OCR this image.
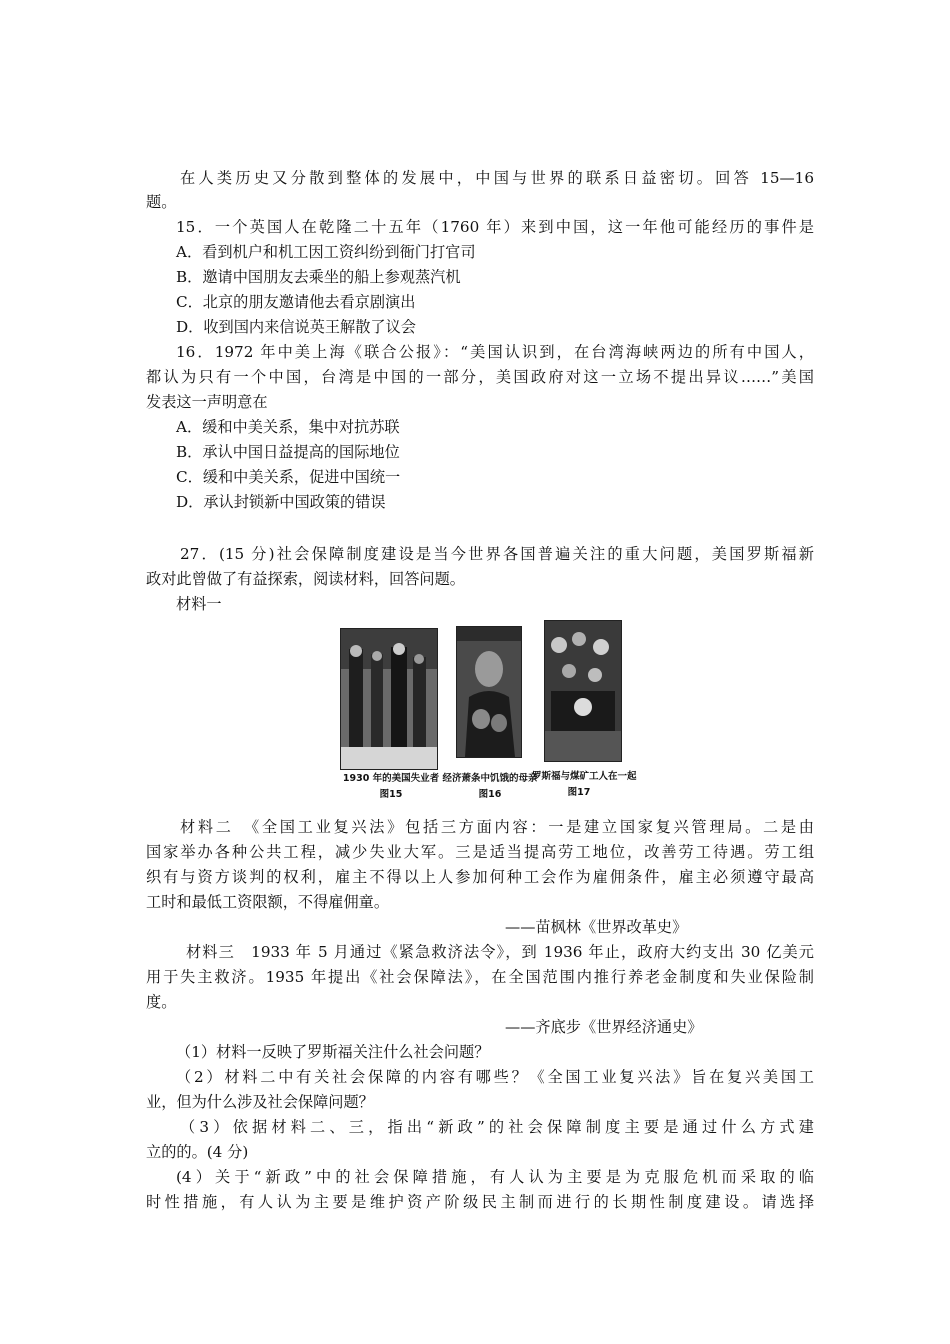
在人类历史又分散到整体的发展中，中国与世界的联系日益密切。回答 15—16
题。
15．一个英国人在乾隆二十五年（1760 年）来到中国，这一年他可能经历的事件是
A．看到机户和机工因工资纠纷到衙门打官司
B．邀请中国朋友去乘坐的船上参观蒸汽机
C．北京的朋友邀请他去看京剧演出
D．收到国内来信说英王解散了议会
16．1972 年中美上海《联合公报》：“美国认识到，在台湾海峡两边的所有中国人，
都认为只有一个中国，台湾是中国的一部分，美国政府对这一立场不提出异议……”美国
发表这一声明意在
A．缓和中美关系，集中对抗苏联
B．承认中国日益提高的国际地位
C．缓和中美关系，促进中国统一
D．承认封锁新中国政策的错误
27．(15 分)社会保障制度建设是当今世界各国普遍关注的重大问题，美国罗斯福新
政对此曾做了有益探索，阅读材料，回答问题。
材料一
1930 年的美国失业者
图15
经济萧条中饥饿的母亲
图16
罗斯福与煤矿工人在一起
图17
材料二　《全国工业复兴法》包括三方面内容：一是建立国家复兴管理局。二是由
国家举办各种公共工程，减少失业大军。三是适当提高劳工地位，改善劳工待遇。劳工组
织有与资方谈判的权利，雇主不得以上人参加何种工会作为雇佣条件，雇主必须遵守最高
工时和最低工资限额，不得雇佣童。
——苗枫林《世界改革史》
材料三　1933 年 5 月通过《紧急救济法令》，到 1936 年止，政府大约支出 30 亿美元
用于失主救济。1935 年提出《社会保障法》，在全国范围内推行养老金制度和失业保险制
度。
——齐底步《世界经济通史》
（1）材料一反映了罗斯福关注什么社会问题？
（2）材料二中有关社会保障的内容有哪些？《全国工业复兴法》旨在复兴美国工
业，但为什么涉及社会保障问题？
（3）依据材料二、三，指出“新政”的社会保障制度主要是通过什么方式建
立的的。(4 分)
(4）关于“新政”中的社会保障措施，有人认为主要是为克服危机而采取的临
时性措施，有人认为主要是维护资产阶级民主制而进行的长期性制度建设。请选择
